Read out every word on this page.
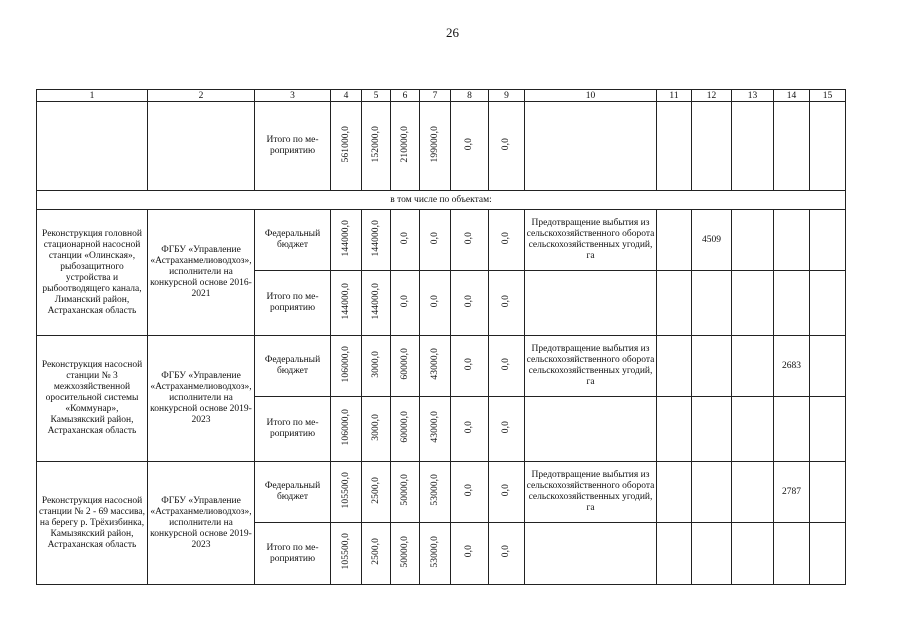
26
1	2	3	4	5	6	7	8	9	10	11	12	13	14	15
		Итого по ме-роприятию	561000,0	152000,0	210000,0	199000,0	0,0	0,0						
в том числе по объектам:														
Реконструкция головной стационарной насосной станции «Олинская», рыбозащитного устройства и рыбоотводящего канала, Лиманский район, Астраханская область	ФГБУ «Управление «Астраханмелиоводхоз», исполнители на конкурсной основе 2016-2021	Федеральный бюджет	144000,0	144000,0	0,0	0,0	0,0	0,0	Предотвращение выбытия из сельскохозяйственного оборота сельскохозяйственных угодий, га		4509			
		Итого по ме-роприятию	144000,0	144000,0	0,0	0,0	0,0	0,0						
Реконструкция насосной станции № 3 межхозяйственной оросительной системы «Коммунар», Камызякский район, Астраханская область	ФГБУ «Управление «Астраханмелиоводхоз», исполнители на конкурсной основе 2019-2023	Федеральный бюджет	106000,0	3000,0	60000,0	43000,0	0,0	0,0	Предотвращение выбытия из сельскохозяйственного оборота сельскохозяйственных угодий, га				2683	
		Итого по ме-роприятию	106000,0	3000,0	60000,0	43000,0	0,0	0,0						
Реконструкция насосной станции № 2 - 69 массива, на берегу р. Трёхизбинка, Камызякский район, Астраханская область	ФГБУ «Управление «Астраханмелиоводхоз», исполнители на конкурсной основе 2019-2023	Федеральный бюджет	105500,0	2500,0	50000,0	53000,0	0,0	0,0	Предотвращение выбытия из сельскохозяйственного оборота сельскохозяйственных угодий, га				2787	
		Итого по ме-роприятию	105500,0	2500,0	50000,0	53000,0	0,0	0,0						
